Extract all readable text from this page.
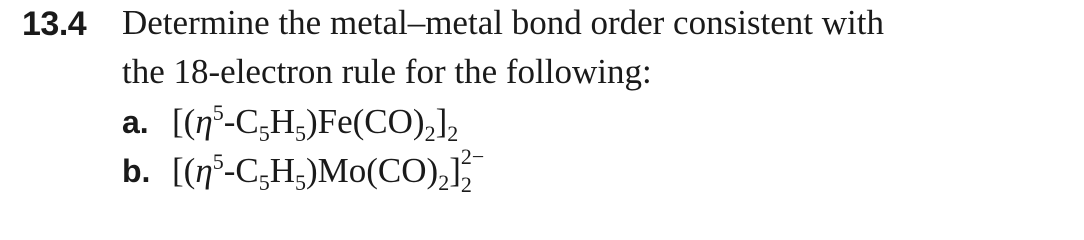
13.4 Determine the metal–metal bond order consistent with
the 18-electron rule for the following:
a. $[(\eta^5-C_5H_5)Fe(CO)_2]_2$
b. $[(\eta^5-C_5H_5)Mo(CO)_2]$ 2−
2
